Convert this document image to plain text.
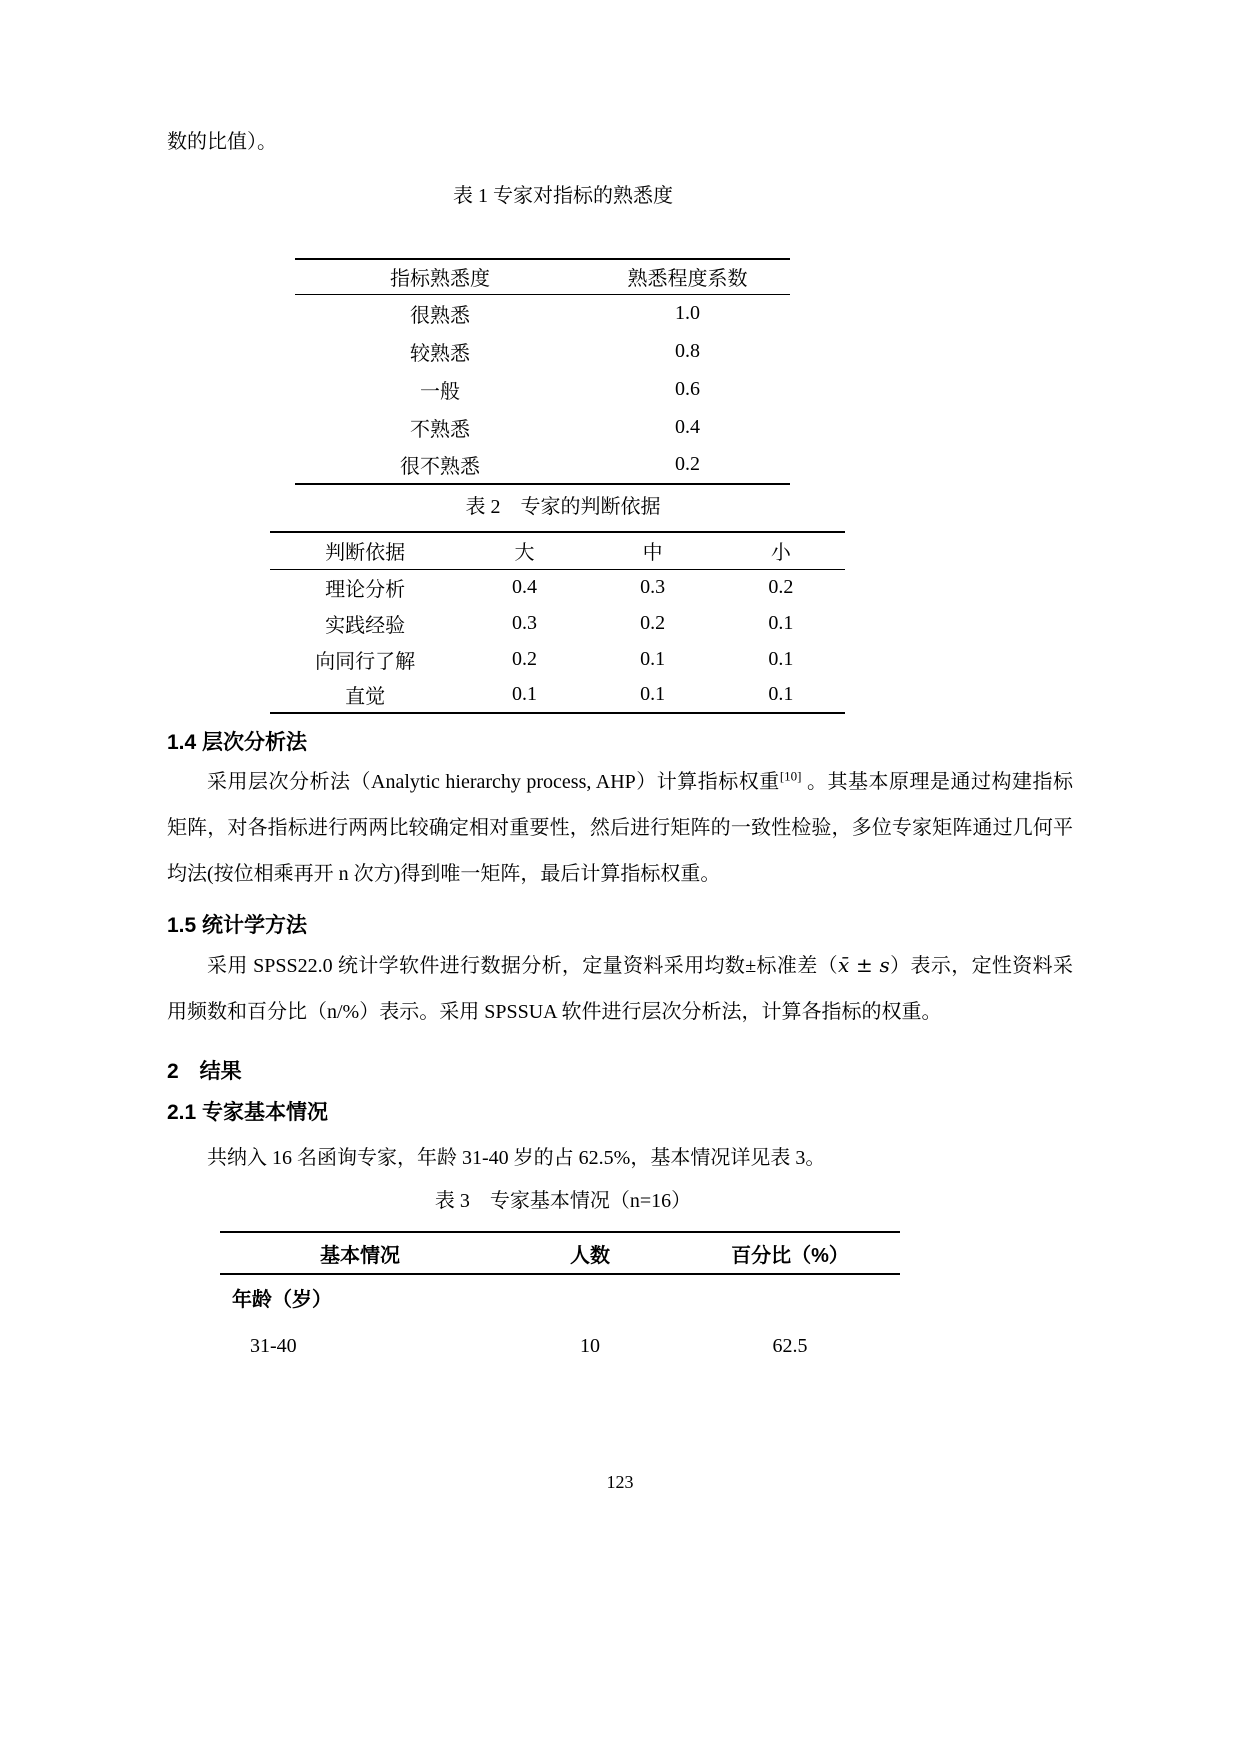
数的比值）。

表 1 专家对指标的熟悉度

指标熟悉度	熟悉程度系数
很熟悉	1.0
较熟悉	0.8
一般	0.6
不熟悉	0.4
很不熟悉	0.2

表 2　专家的判断依据

判断依据	大	中	小
理论分析	0.4	0.3	0.2
实践经验	0.3	0.2	0.1
向同行了解	0.2	0.1	0.1
直觉	0.1	0.1	0.1
1.4 层次分析法

采用层次分析法（Analytic hierarchy process, AHP）计算指标权重[10] 。其基本原理是通过构建指标矩阵，对各指标进行两两比较确定相对重要性，然后进行矩阵的一致性检验，多位专家矩阵通过几何平均法(按位相乘再开 n 次方)得到唯一矩阵，最后计算指标权重。

1.5 统计学方法

采用 SPSS22.0 统计学软件进行数据分析，定量资料采用均数±标准差（x̄ ± s）表示，定性资料采用频数和百分比（n/%）表示。采用 SPSSUA 软件进行层次分析法，计算各指标的权重。

2　结果
2.1 专家基本情况

共纳入 16 名函询专家，年龄 31-40 岁的占 62.5%，基本情况详见表 3。

表 3　专家基本情况（n=16）

基本情况	人数	百分比（%）
年龄（岁）		
31-40	10	62.5
123
